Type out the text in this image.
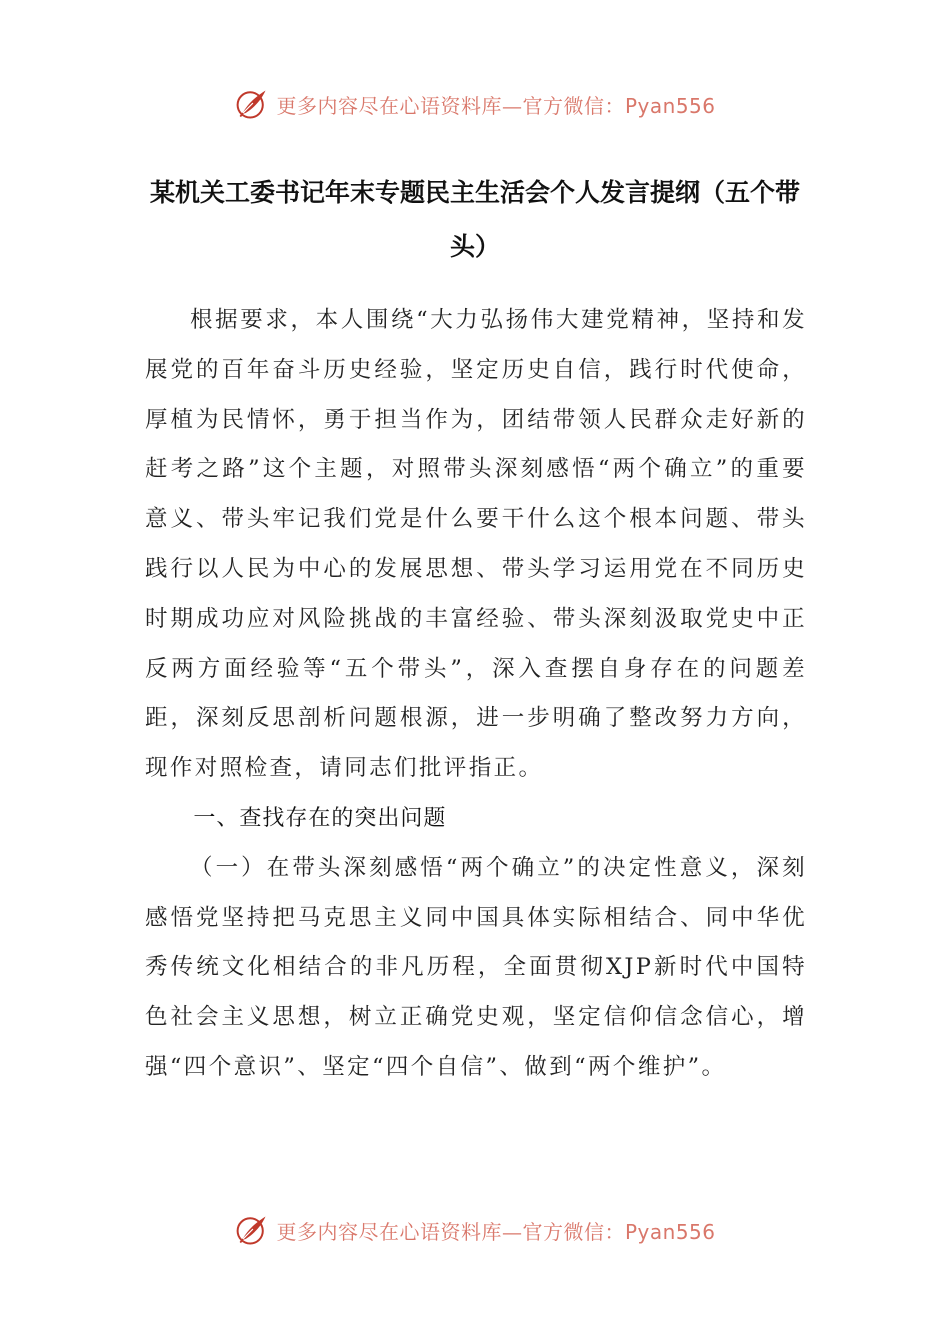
更多内容尽在心语资料库—官方微信：Pyan556
某机关工委书记年末专题民主生活会个人发言提纲（五个带头）

根据要求，本人围绕“大力弘扬伟大建党精神，坚持和发展党的百年奋斗历史经验，坚定历史自信，践行时代使命，厚植为民情怀，勇于担当作为，团结带领人民群众走好新的赶考之路”这个主题，对照带头深刻感悟“两个确立”的重要意义、带头牢记我们党是什么要干什么这个根本问题、带头践行以人民为中心的发展思想、带头学习运用党在不同历史时期成功应对风险挑战的丰富经验、带头深刻汲取党史中正反两方面经验等“五个带头”，深入查摆自身存在的问题差距，深刻反思剖析问题根源，进一步明确了整改努力方向，现作对照检查，请同志们批评指正。

一、查找存在的突出问题

（一）在带头深刻感悟“两个确立”的决定性意义，深刻感悟党坚持把马克思主义同中国具体实际相结合、同中华优秀传统文化相结合的非凡历程，全面贯彻XJP新时代中国特色社会主义思想，树立正确党史观，坚定信仰信念信心，增强“四个意识”、坚定“四个自信”、做到“两个维护”。

更多内容尽在心语资料库—官方微信：Pyan556
